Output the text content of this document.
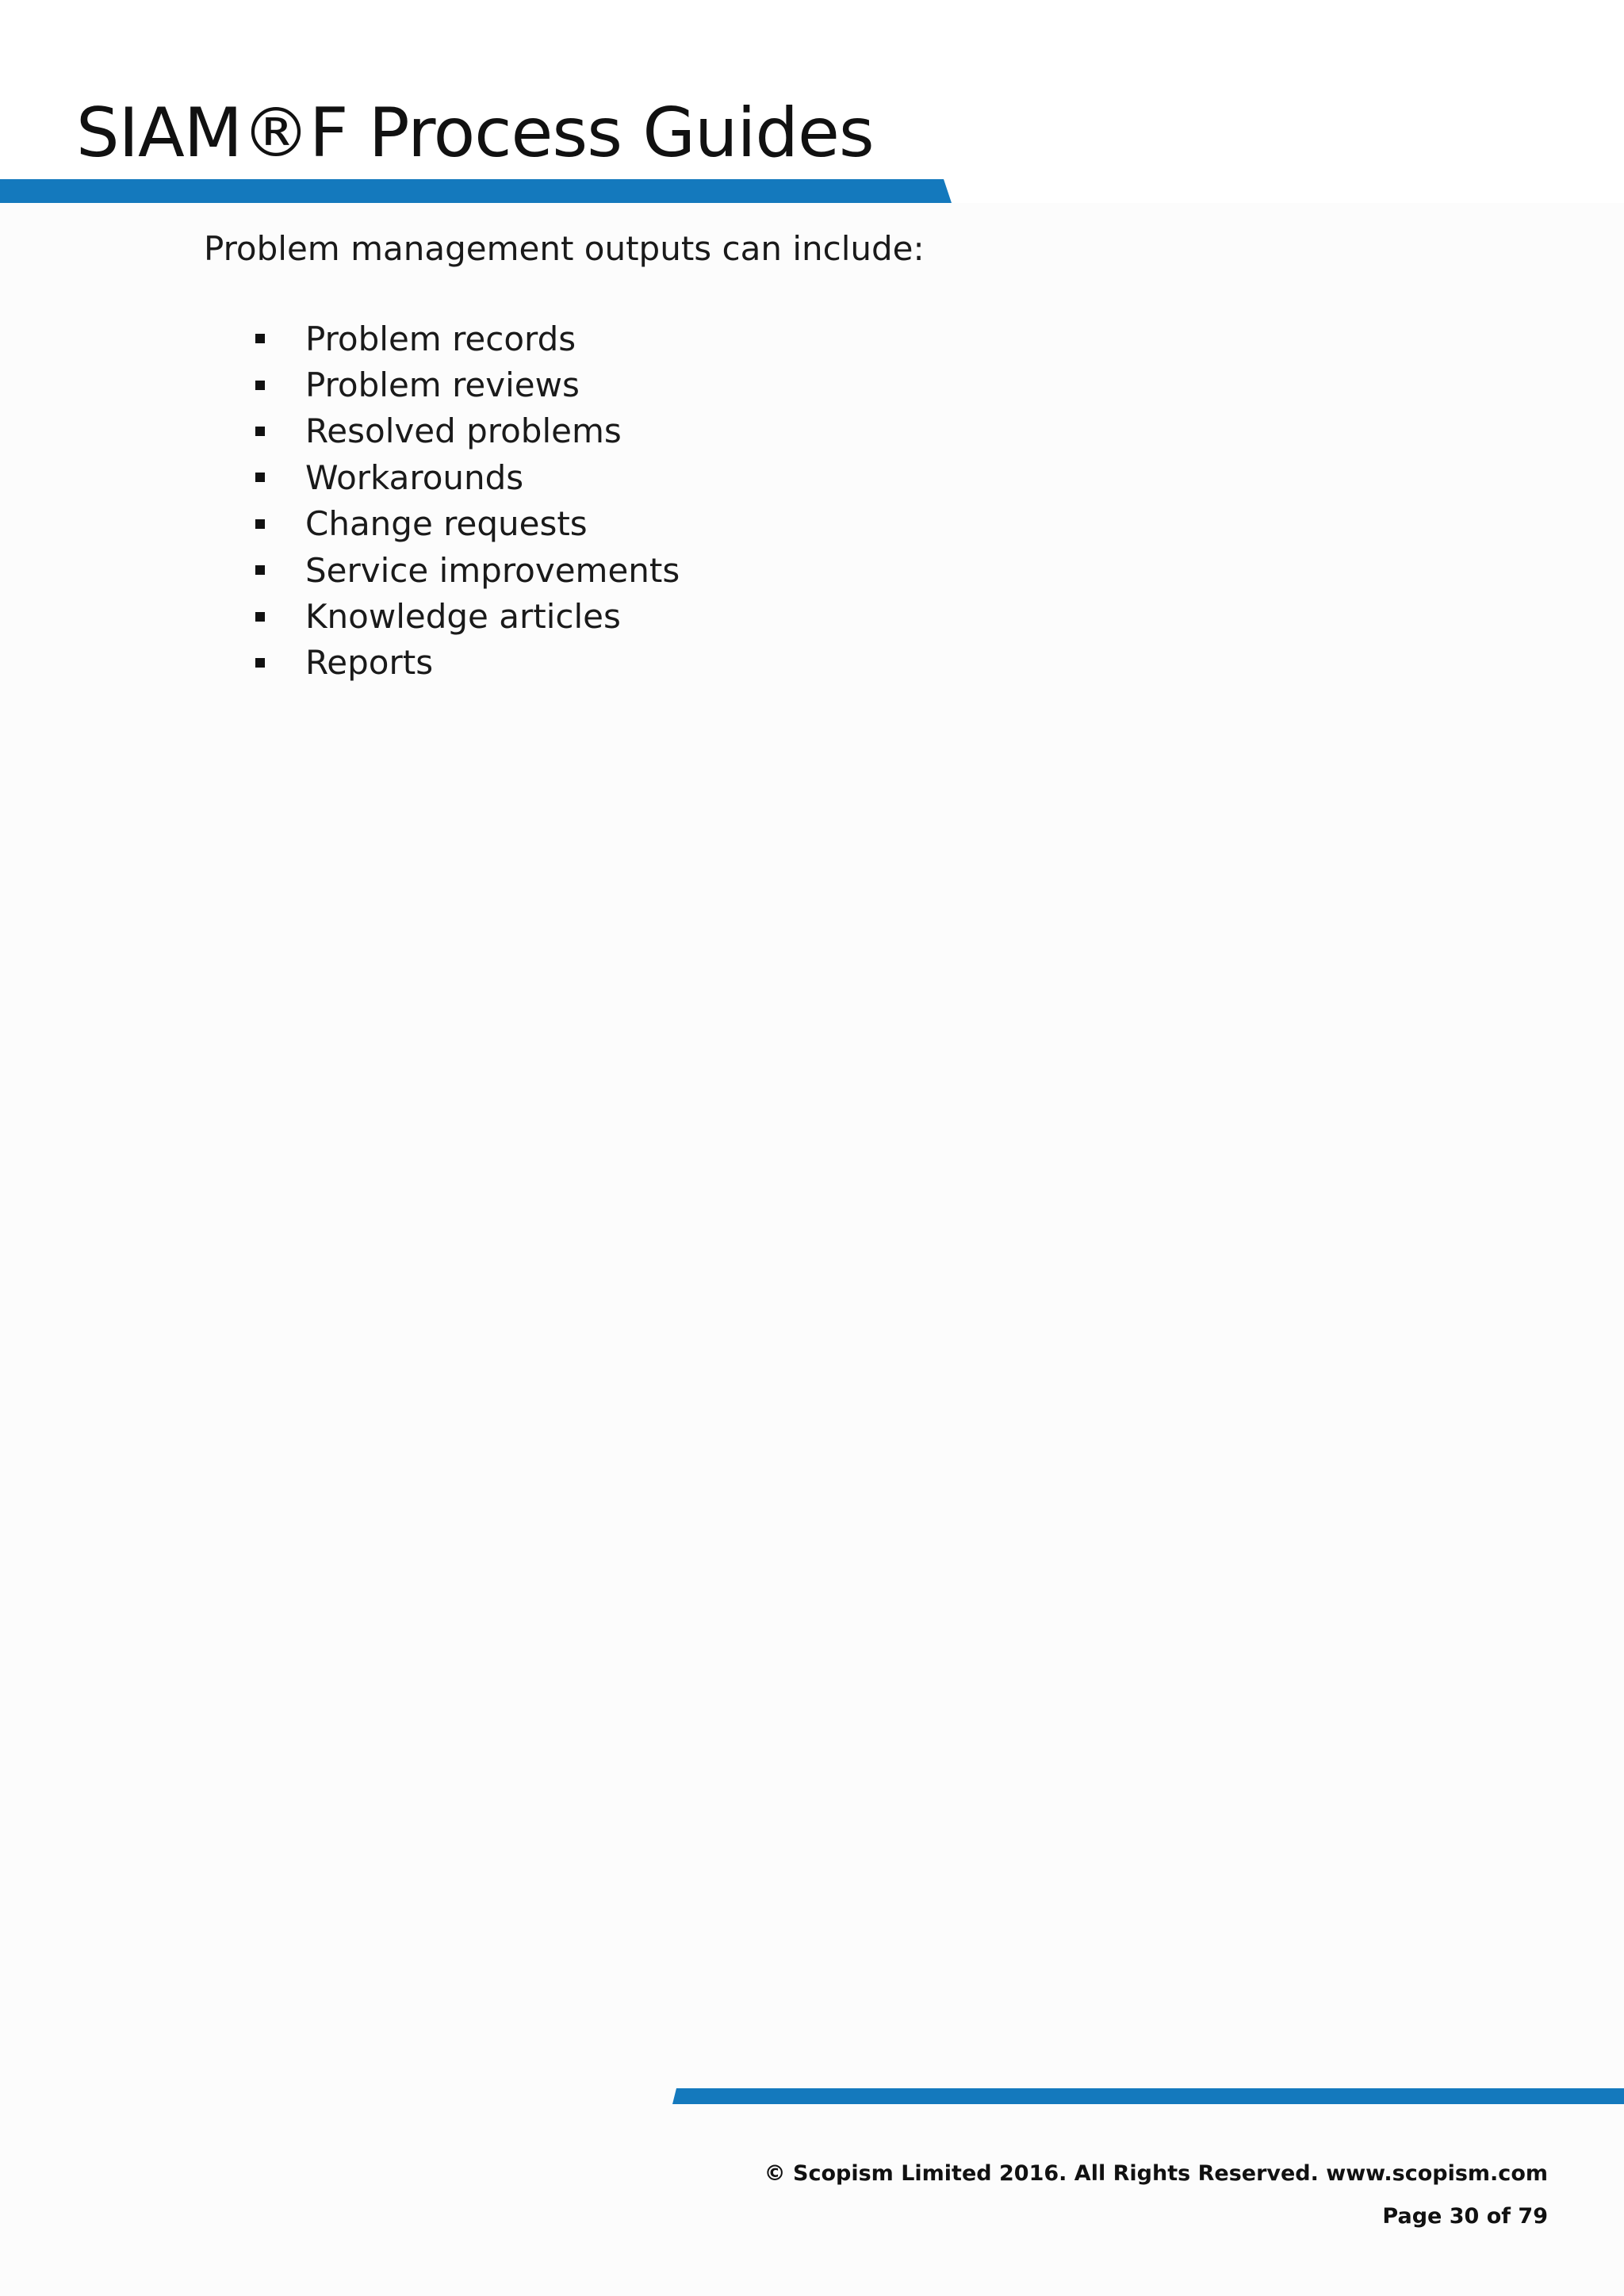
SIAM®F Process Guides

Problem management outputs can include:

Problem records
Problem reviews
Resolved problems
Workarounds
Change requests
Service improvements
Knowledge articles
Reports

© Scopism Limited 2016. All Rights Reserved. www.scopism.com

Page 30 of 79
